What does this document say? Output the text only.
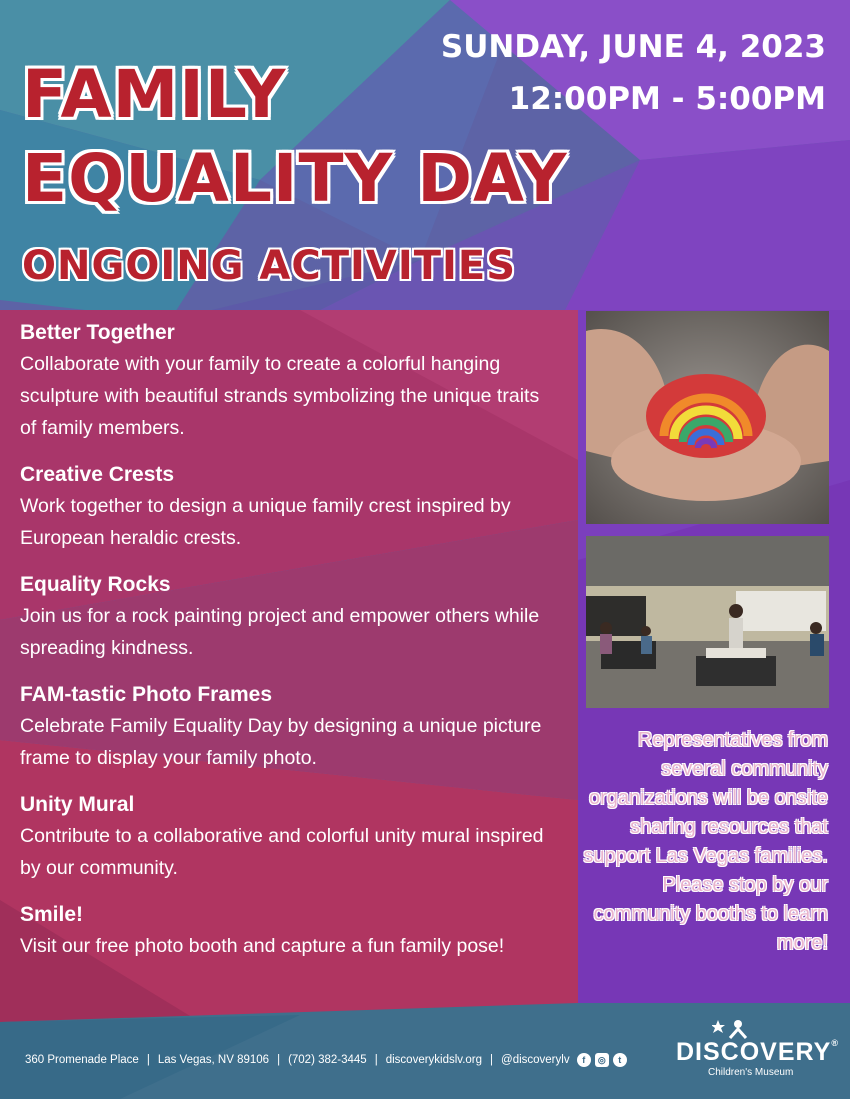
FAMILY
EQUALITY DAY
ONGOING ACTIVITIES
SUNDAY, JUNE 4, 2023
12:00PM - 5:00PM
Better Together
Collaborate with your family to create a colorful hanging sculpture with beautiful strands symbolizing the unique traits of family members.
Creative Crests
Work together to design a unique family crest inspired by European heraldic crests.
Equality Rocks
Join us for a rock painting project and empower others while spreading kindness.
FAM-tastic Photo Frames
Celebrate Family Equality Day by designing a unique picture frame to display your family photo.
Unity Mural
Contribute to a collaborative and colorful unity mural inspired by our community.
Smile!
Visit our free photo booth and capture a fun family pose!
Representatives from several community organizations will be onsite sharing resources that support Las Vegas families. Please stop by our community booths to learn more!
360 Promenade Place | Las Vegas, NV 89106 | (702) 382-3445 | discoverykidslv.org | @discoverylv f ◎ t DISCOVERY®
Children's Museum
